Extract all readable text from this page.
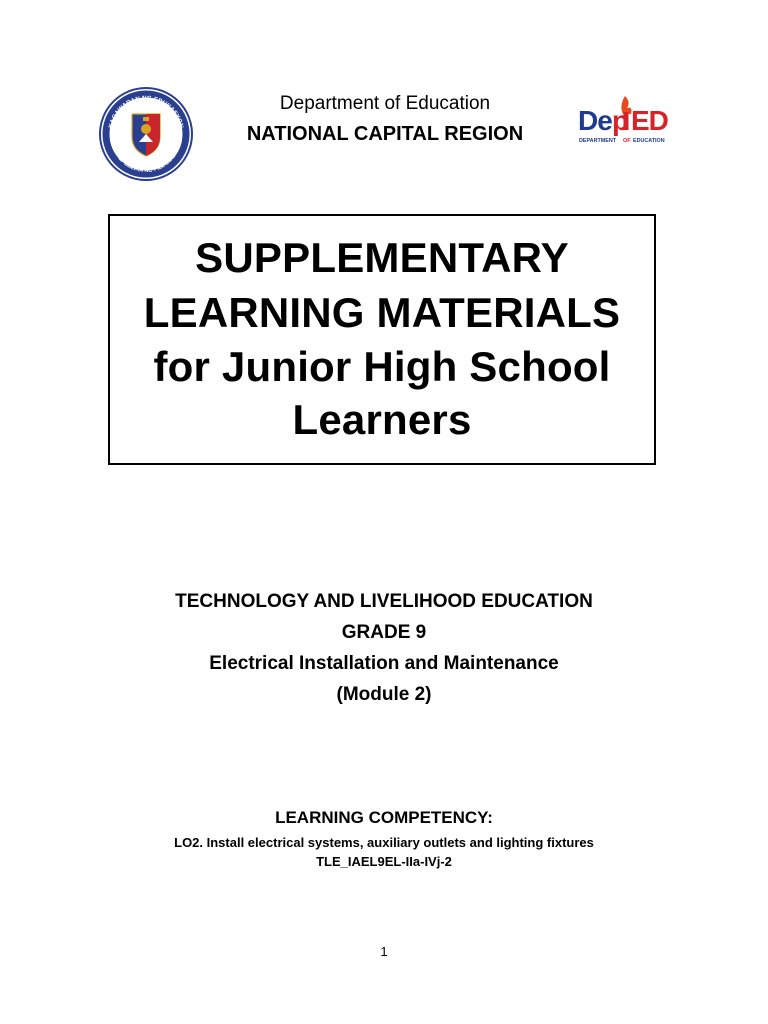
KAGAWARAN NG EDUKASYON
REPUBLIKA NG PILIPINAS
Department of Education
NATIONAL CAPITAL REGION	De p ED
DEPARTMENT OF EDUCATION
SUPPLEMENTARY
LEARNING MATERIALS
for Junior High School
Learners
TECHNOLOGY AND LIVELIHOOD EDUCATION
GRADE 9
Electrical Installation and Maintenance
(Module 2)
LEARNING COMPETENCY:
LO2. Install electrical systems, auxiliary outlets and lighting fixtures
TLE_IAEL9EL-IIa-IVj-2
1
